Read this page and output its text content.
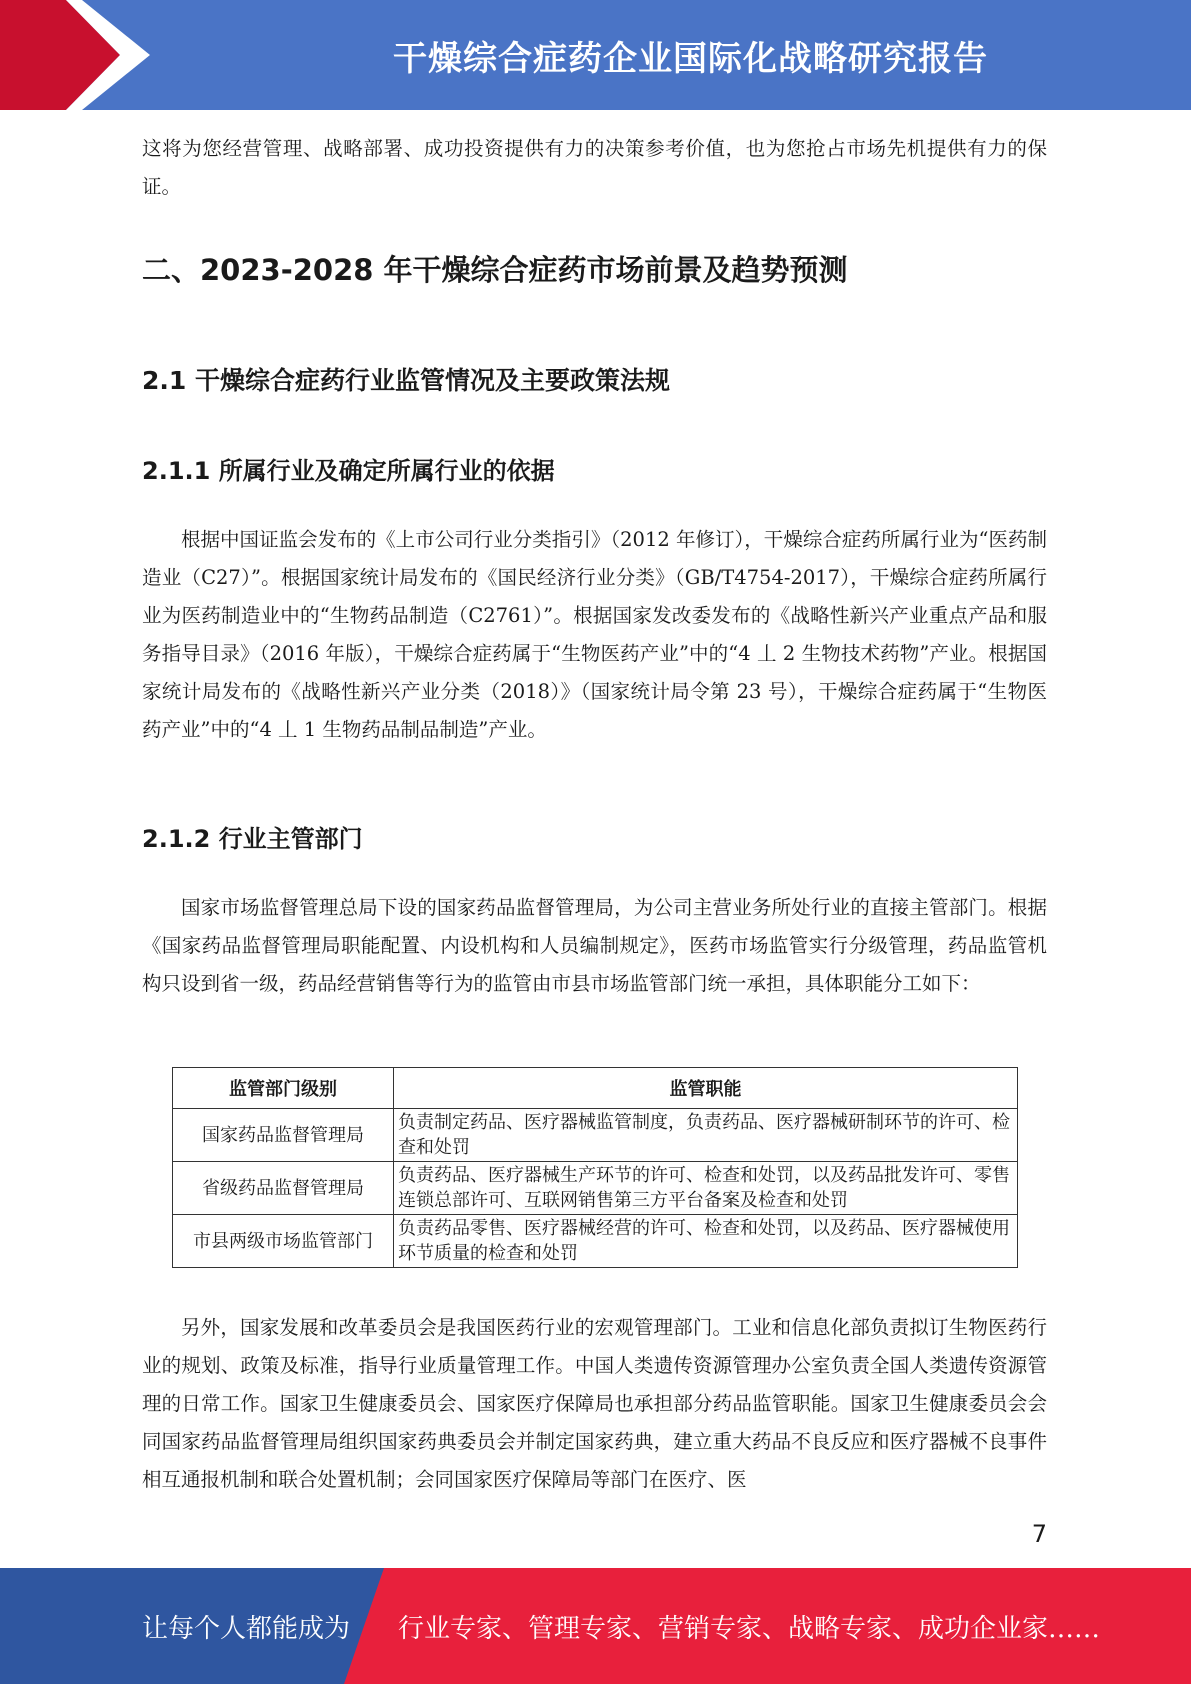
干燥综合症药企业国际化战略研究报告

这将为您经营管理、战略部署、成功投资提供有力的决策参考价值，也为您抢占市场先机提供有力的保证。

二、2023-2028 年干燥综合症药市场前景及趋势预测
2.1 干燥综合症药行业监管情况及主要政策法规
2.1.1 所属行业及确定所属行业的依据

根据中国证监会发布的《上市公司行业分类指引》（2012 年修订），干燥综合症药所属行业为“医药制造业（C27）”。根据国家统计局发布的《国民经济行业分类》（GB/T4754-2017），干燥综合症药所属行业为医药制造业中的“生物药品制造（C2761）”。根据国家发改委发布的《战略性新兴产业重点产品和服务指导目录》（2016 年版），干燥综合症药属于“生物医药产业”中的“4 丄 2 生物技术药物”产业。根据国家统计局发布的《战略性新兴产业分类（2018）》（国家统计局令第 23 号），干燥综合症药属于“生物医药产业”中的“4 丄 1 生物药品制品制造”产业。

2.1.2 行业主管部门

国家市场监督管理总局下设的国家药品监督管理局，为公司主营业务所处行业的直接主管部门。根据《国家药品监督管理局职能配置、内设机构和人员编制规定》，医药市场监管实行分级管理，药品监管机构只设到省一级，药品经营销售等行为的监管由市县市场监管部门统一承担，具体职能分工如下：

监管部门级别	监管职能
国家药品监督管理局	负责制定药品、医疗器械监管制度，负责药品、医疗器械研制环节的许可、检查和处罚
省级药品监督管理局	负责药品、医疗器械生产环节的许可、检查和处罚，以及药品批发许可、零售连锁总部许可、互联网销售第三方平台备案及检查和处罚
市县两级市场监管部门	负责药品零售、医疗器械经营的许可、检查和处罚，以及药品、医疗器械使用环节质量的检查和处罚

另外，国家发展和改革委员会是我国医药行业的宏观管理部门。工业和信息化部负责拟订生物医药行业的规划、政策及标准，指导行业质量管理工作。中国人类遗传资源管理办公室负责全国人类遗传资源管理的日常工作。国家卫生健康委员会、国家医疗保障局也承担部分药品监管职能。国家卫生健康委员会会同国家药品监督管理局组织国家药典委员会并制定国家药典，建立重大药品不良反应和医疗器械不良事件相互通报机制和联合处置机制；会同国家医疗保障局等部门在医疗、医

7
让每个人都能成为 行业专家、管理专家、营销专家、战略专家、成功企业家……
